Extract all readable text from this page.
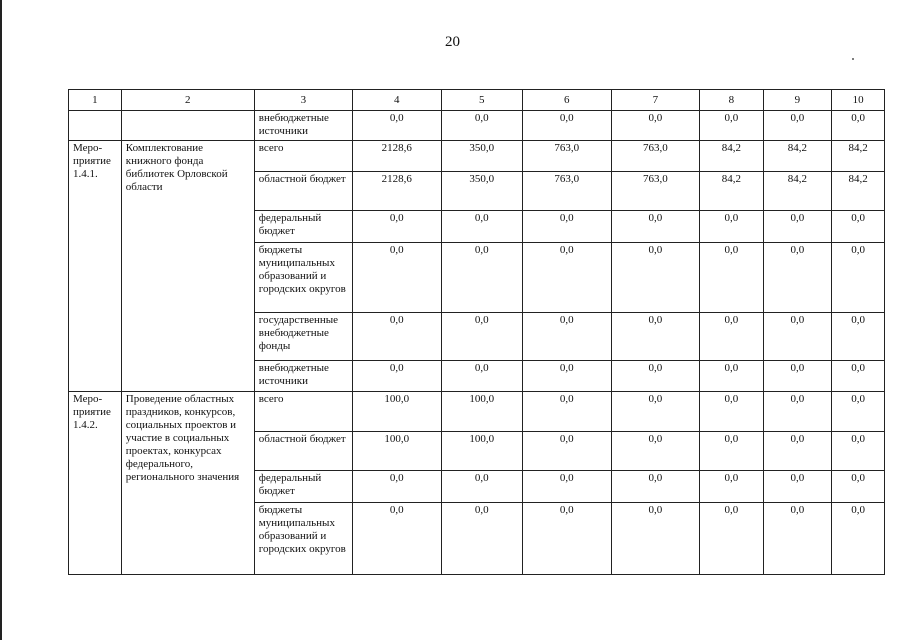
20
1	2	3	4	5	6	7	8	9	10
		внебюджетные источники	0,0	0,0	0,0	0,0	0,0	0,0	0,0
Меро-приятие 1.4.1.	Комплектование книжного фонда библиотек Орловской области	всего	2128,6	350,0	763,0	763,0	84,2	84,2	84,2
		областной бюджет	2128,6	350,0	763,0	763,0	84,2	84,2	84,2
		федеральный бюджет	0,0	0,0	0,0	0,0	0,0	0,0	0,0
		бюджеты муниципальных образований и городских округов	0,0	0,0	0,0	0,0	0,0	0,0	0,0
		государственные внебюджетные фонды	0,0	0,0	0,0	0,0	0,0	0,0	0,0
		внебюджетные источники	0,0	0,0	0,0	0,0	0,0	0,0	0,0
Меро-приятие 1.4.2.	Проведение областных праздников, конкурсов, социальных проектов и участие в социальных проектах, конкурсах федерального, регионального значения	всего	100,0	100,0	0,0	0,0	0,0	0,0	0,0
		областной бюджет	100,0	100,0	0,0	0,0	0,0	0,0	0,0
		федеральный бюджет	0,0	0,0	0,0	0,0	0,0	0,0	0,0
		бюджеты муниципальных образований и городских округов	0,0	0,0	0,0	0,0	0,0	0,0	0,0
